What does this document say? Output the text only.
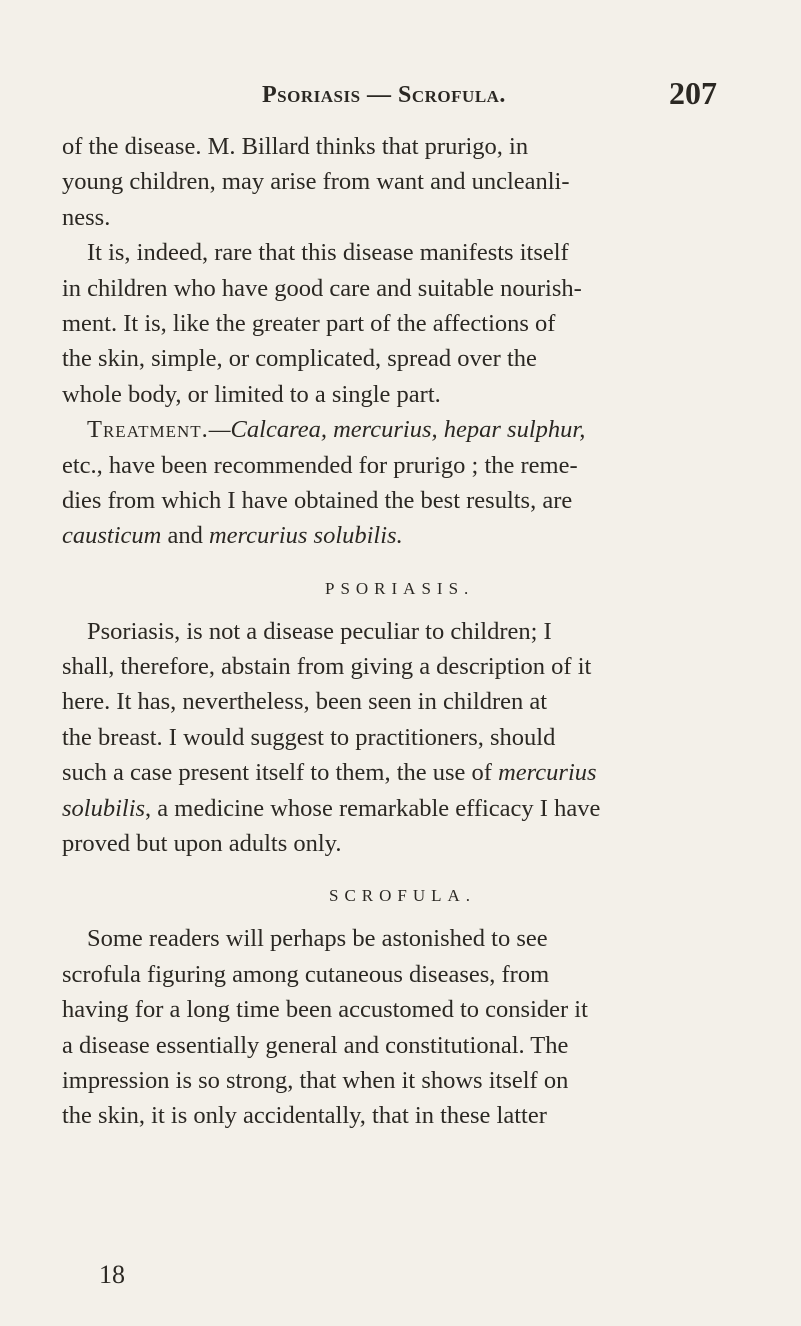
Psoriasis — Scrofula.	207
of the disease. M. Billard thinks that prurigo, in
young children, may arise from want and uncleanli-
ness.
It is, indeed, rare that this disease manifests itself
in children who have good care and suitable nourish-
ment. It is, like the greater part of the affections of
the skin, simple, or complicated, spread over the
whole body, or limited to a single part.
Treatment.—Calcarea, mercurius, hepar sulphur,
etc., have been recommended for prurigo ; the reme-
dies from which I have obtained the best results, are
causticum and mercurius solubilis.
PSORIASIS.
Psoriasis, is not a disease peculiar to children; I
shall, therefore, abstain from giving a description of it
here. It has, nevertheless, been seen in children at
the breast. I would suggest to practitioners, should
such a case present itself to them, the use of mercurius
solubilis, a medicine whose remarkable efficacy I have
proved but upon adults only.
SCROFULA.
Some readers will perhaps be astonished to see
scrofula figuring among cutaneous diseases, from
having for a long time been accustomed to consider it
a disease essentially general and constitutional. The
impression is so strong, that when it shows itself on
the skin, it is only accidentally, that in these latter
18
